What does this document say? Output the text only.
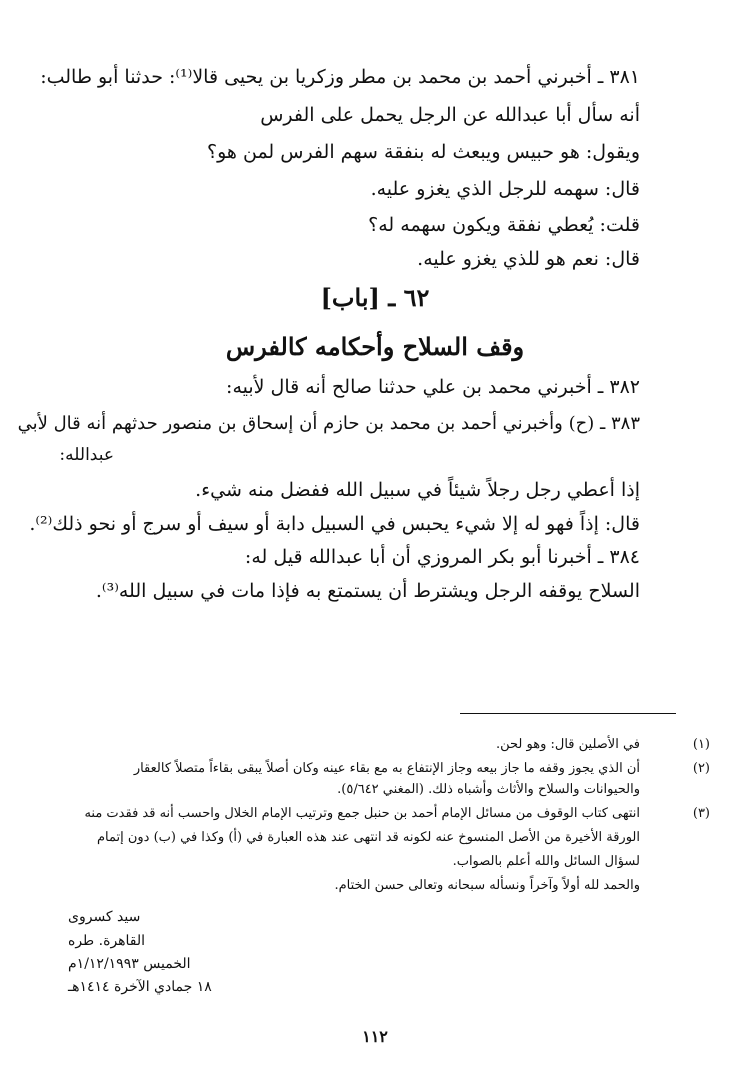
٣٨١ ـ أخبرني أحمد بن محمد بن مطر وزكريا بن يحيى قالا⁽¹⁾: حدثنا أبو طالب:
أنه سأل أبا عبدالله عن الرجل يحمل على الفرس
ويقول: هو حبيس ويبعث له بنفقة سهم الفرس لمن هو؟
قال: سهمه للرجل الذي يغزو عليه.
قلت: يُعطي نفقة ويكون سهمه له؟
قال: نعم هو للذي يغزو عليه.
٦٢ ـ [باب]
وقف السلاح وأحكامه كالفرس
٣٨٢ ـ أخبرني محمد بن علي حدثنا صالح أنه قال لأبيه:
٣٨٣ ـ (ح) وأخبرني أحمد بن محمد بن حازم أن إسحاق بن منصور حدثهم أنه قال لأبي
عبدالله:
إذا أعطي رجل رجلاً شيئاً في سبيل الله ففضل منه شيء.
قال: إذاً فهو له إلا شيء يحبس في السبيل دابة أو سيف أو سرج أو نحو ذلك⁽²⁾.
٣٨٤ ـ أخبرنا أبو بكر المروزي أن أبا عبدالله قيل له:
السلاح يوقفه الرجل ويشترط أن يستمتع به فإذا مات في سبيل الله⁽³⁾.
(١)
في الأصلين قال: وهو لحن.
(٢)
أن الذي يجوز وقفه ما جاز بيعه وجاز الإنتفاع به مع بقاء عينه وكان أصلاً يبقى بقاءاً متصلاً كالعقار
والحيوانات والسلاح والأثاث وأشباه ذلك. (المغني ٥/٦٤٢).
(٣)
انتهى كتاب الوقوف من مسائل الإمام أحمد بن حنبل جمع وترتيب الإمام الخلال واحسب أنه قد فقدت منه
الورقة الأخيرة من الأصل المنسوخ عنه لكونه قد انتهى عند هذه العبارة في (أ) وكذا في (ب) دون إتمام
لسؤال السائل والله أعلم بالصواب.
والحمد لله أولاً وآخراً ونسأله سبحانه وتعالى حسن الختام.
سيد كسروى
القاهرة. طره
الخميس ١/١٢/١٩٩٣م
١٨ جمادي الآخرة ١٤١٤هـ
١١٢
